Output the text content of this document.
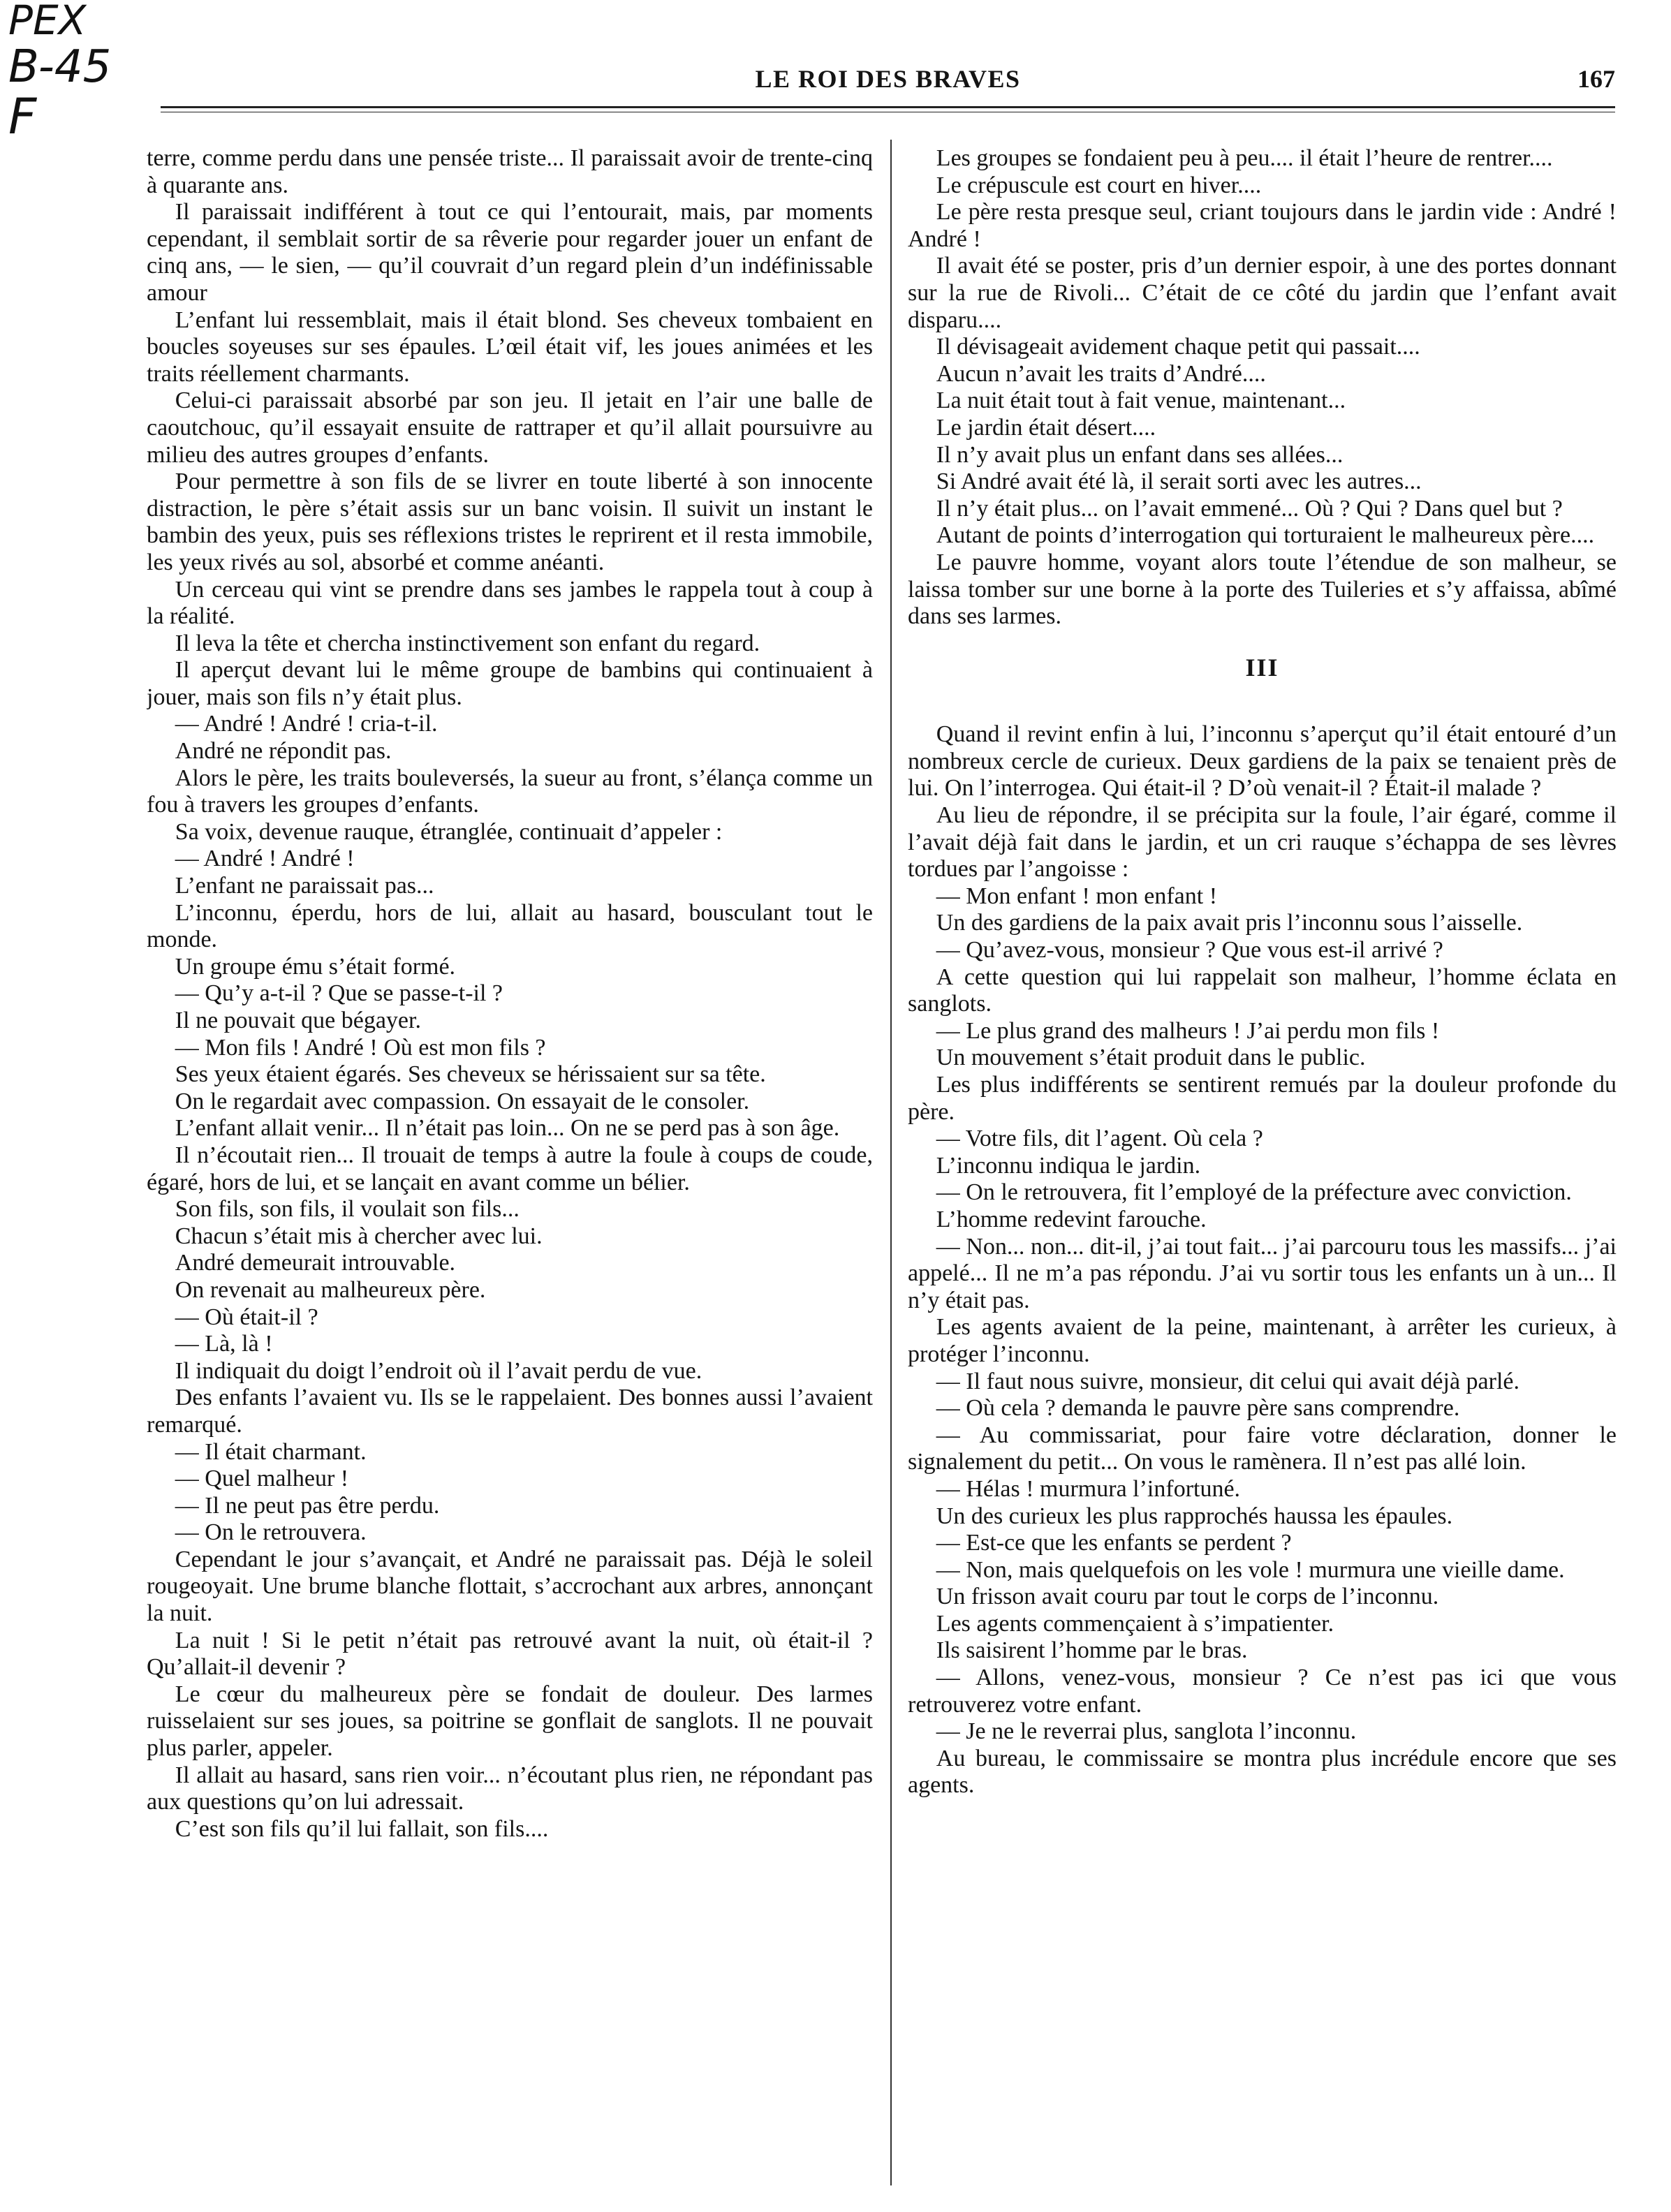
PEX
B-45
F
LE ROI DES BRAVES	167

terre, comme perdu dans une pensée triste... Il paraissait avoir de trente-cinq à quarante ans.

Il paraissait indifférent à tout ce qui l’entourait, mais, par moments cependant, il semblait sortir de sa rêverie pour regarder jouer un enfant de cinq ans, — le sien, — qu’il couvrait d’un regard plein d’un indéfinissable amour

L’enfant lui ressemblait, mais il était blond. Ses cheveux tombaient en boucles soyeuses sur ses épaules. L’œil était vif, les joues animées et les traits réellement charmants.

Celui-ci paraissait absorbé par son jeu. Il jetait en l’air une balle de caoutchouc, qu’il essayait ensuite de rattraper et qu’il allait poursuivre au milieu des autres groupes d’enfants.

Pour permettre à son fils de se livrer en toute liberté à son innocente distraction, le père s’était assis sur un banc voisin. Il suivit un instant le bambin des yeux, puis ses réflexions tristes le reprirent et il resta immobile, les yeux rivés au sol, absorbé et comme anéanti.

Un cerceau qui vint se prendre dans ses jambes le rappela tout à coup à la réalité.

Il leva la tête et chercha instinctivement son enfant du regard.

Il aperçut devant lui le même groupe de bambins qui continuaient à jouer, mais son fils n’y était plus.

— André ! André ! cria-t-il.

André ne répondit pas.

Alors le père, les traits bouleversés, la sueur au front, s’élança comme un fou à travers les groupes d’enfants.

Sa voix, devenue rauque, étranglée, continuait d’appeler :

— André ! André !

L’enfant ne paraissait pas...

L’inconnu, éperdu, hors de lui, allait au hasard, bousculant tout le monde.

Un groupe ému s’était formé.

— Qu’y a-t-il ? Que se passe-t-il ?

Il ne pouvait que bégayer.

— Mon fils ! André ! Où est mon fils ?

Ses yeux étaient égarés. Ses cheveux se hérissaient sur sa tête.

On le regardait avec compassion. On essayait de le consoler.

L’enfant allait venir... Il n’était pas loin... On ne se perd pas à son âge.

Il n’écoutait rien... Il trouait de temps à autre la foule à coups de coude, égaré, hors de lui, et se lançait en avant comme un bélier.

Son fils, son fils, il voulait son fils...

Chacun s’était mis à chercher avec lui.

André demeurait introuvable.

On revenait au malheureux père.

— Où était-il ?

— Là, là !

Il indiquait du doigt l’endroit où il l’avait perdu de vue.

Des enfants l’avaient vu. Ils se le rappelaient. Des bonnes aussi l’avaient remarqué.

— Il était charmant.

— Quel malheur !

— Il ne peut pas être perdu.

— On le retrouvera.

Cependant le jour s’avançait, et André ne paraissait pas. Déjà le soleil rougeoyait. Une brume blanche flottait, s’accrochant aux arbres, annonçant la nuit.

La nuit ! Si le petit n’était pas retrouvé avant la nuit, où était-il ? Qu’allait-il devenir ?

Le cœur du malheureux père se fondait de douleur. Des larmes ruisselaient sur ses joues, sa poitrine se gonflait de sanglots. Il ne pouvait plus parler, appeler.

Il allait au hasard, sans rien voir... n’écoutant plus rien, ne répondant pas aux questions qu’on lui adressait.

C’est son fils qu’il lui fallait, son fils....

Les groupes se fondaient peu à peu.... il était l’heure de rentrer....

Le crépuscule est court en hiver....

Le père resta presque seul, criant toujours dans le jardin vide : André ! André !

Il avait été se poster, pris d’un dernier espoir, à une des portes donnant sur la rue de Rivoli... C’était de ce côté du jardin que l’enfant avait disparu....

Il dévisageait avidement chaque petit qui passait....

Aucun n’avait les traits d’André....

La nuit était tout à fait venue, maintenant...

Le jardin était désert....

Il n’y avait plus un enfant dans ses allées...

Si André avait été là, il serait sorti avec les autres...

Il n’y était plus... on l’avait emmené... Où ? Qui ? Dans quel but ?

Autant de points d’interrogation qui torturaient le malheureux père....

Le pauvre homme, voyant alors toute l’étendue de son malheur, se laissa tomber sur une borne à la porte des Tuileries et s’y affaissa, abîmé dans ses larmes.

III

Quand il revint enfin à lui, l’inconnu s’aperçut qu’il était entouré d’un nombreux cercle de curieux. Deux gardiens de la paix se tenaient près de lui. On l’interrogea. Qui était-il ? D’où venait-il ? Était-il malade ?

Au lieu de répondre, il se précipita sur la foule, l’air égaré, comme il l’avait déjà fait dans le jardin, et un cri rauque s’échappa de ses lèvres tordues par l’angoisse :

— Mon enfant ! mon enfant !

Un des gardiens de la paix avait pris l’inconnu sous l’aisselle.

— Qu’avez-vous, monsieur ? Que vous est-il arrivé ?

A cette question qui lui rappelait son malheur, l’homme éclata en sanglots.

— Le plus grand des malheurs ! J’ai perdu mon fils !

Un mouvement s’était produit dans le public.

Les plus indifférents se sentirent remués par la douleur profonde du père.

— Votre fils, dit l’agent. Où cela ?

L’inconnu indiqua le jardin.

— On le retrouvera, fit l’employé de la préfecture avec conviction.

L’homme redevint farouche.

— Non... non... dit-il, j’ai tout fait... j’ai parcouru tous les massifs... j’ai appelé... Il ne m’a pas répondu. J’ai vu sortir tous les enfants un à un... Il n’y était pas.

Les agents avaient de la peine, maintenant, à arrêter les curieux, à protéger l’inconnu.

— Il faut nous suivre, monsieur, dit celui qui avait déjà parlé.

— Où cela ? demanda le pauvre père sans comprendre.

— Au commissariat, pour faire votre déclaration, donner le signalement du petit... On vous le ramènera. Il n’est pas allé loin.

— Hélas ! murmura l’infortuné.

Un des curieux les plus rapprochés haussa les épaules.

— Est-ce que les enfants se perdent ?

— Non, mais quelquefois on les vole ! murmura une vieille dame.

Un frisson avait couru par tout le corps de l’inconnu.

Les agents commençaient à s’impatienter.

Ils saisirent l’homme par le bras.

— Allons, venez-vous, monsieur ? Ce n’est pas ici que vous retrouverez votre enfant.

— Je ne le reverrai plus, sanglota l’inconnu.

Au bureau, le commissaire se montra plus incrédule encore que ses agents.
